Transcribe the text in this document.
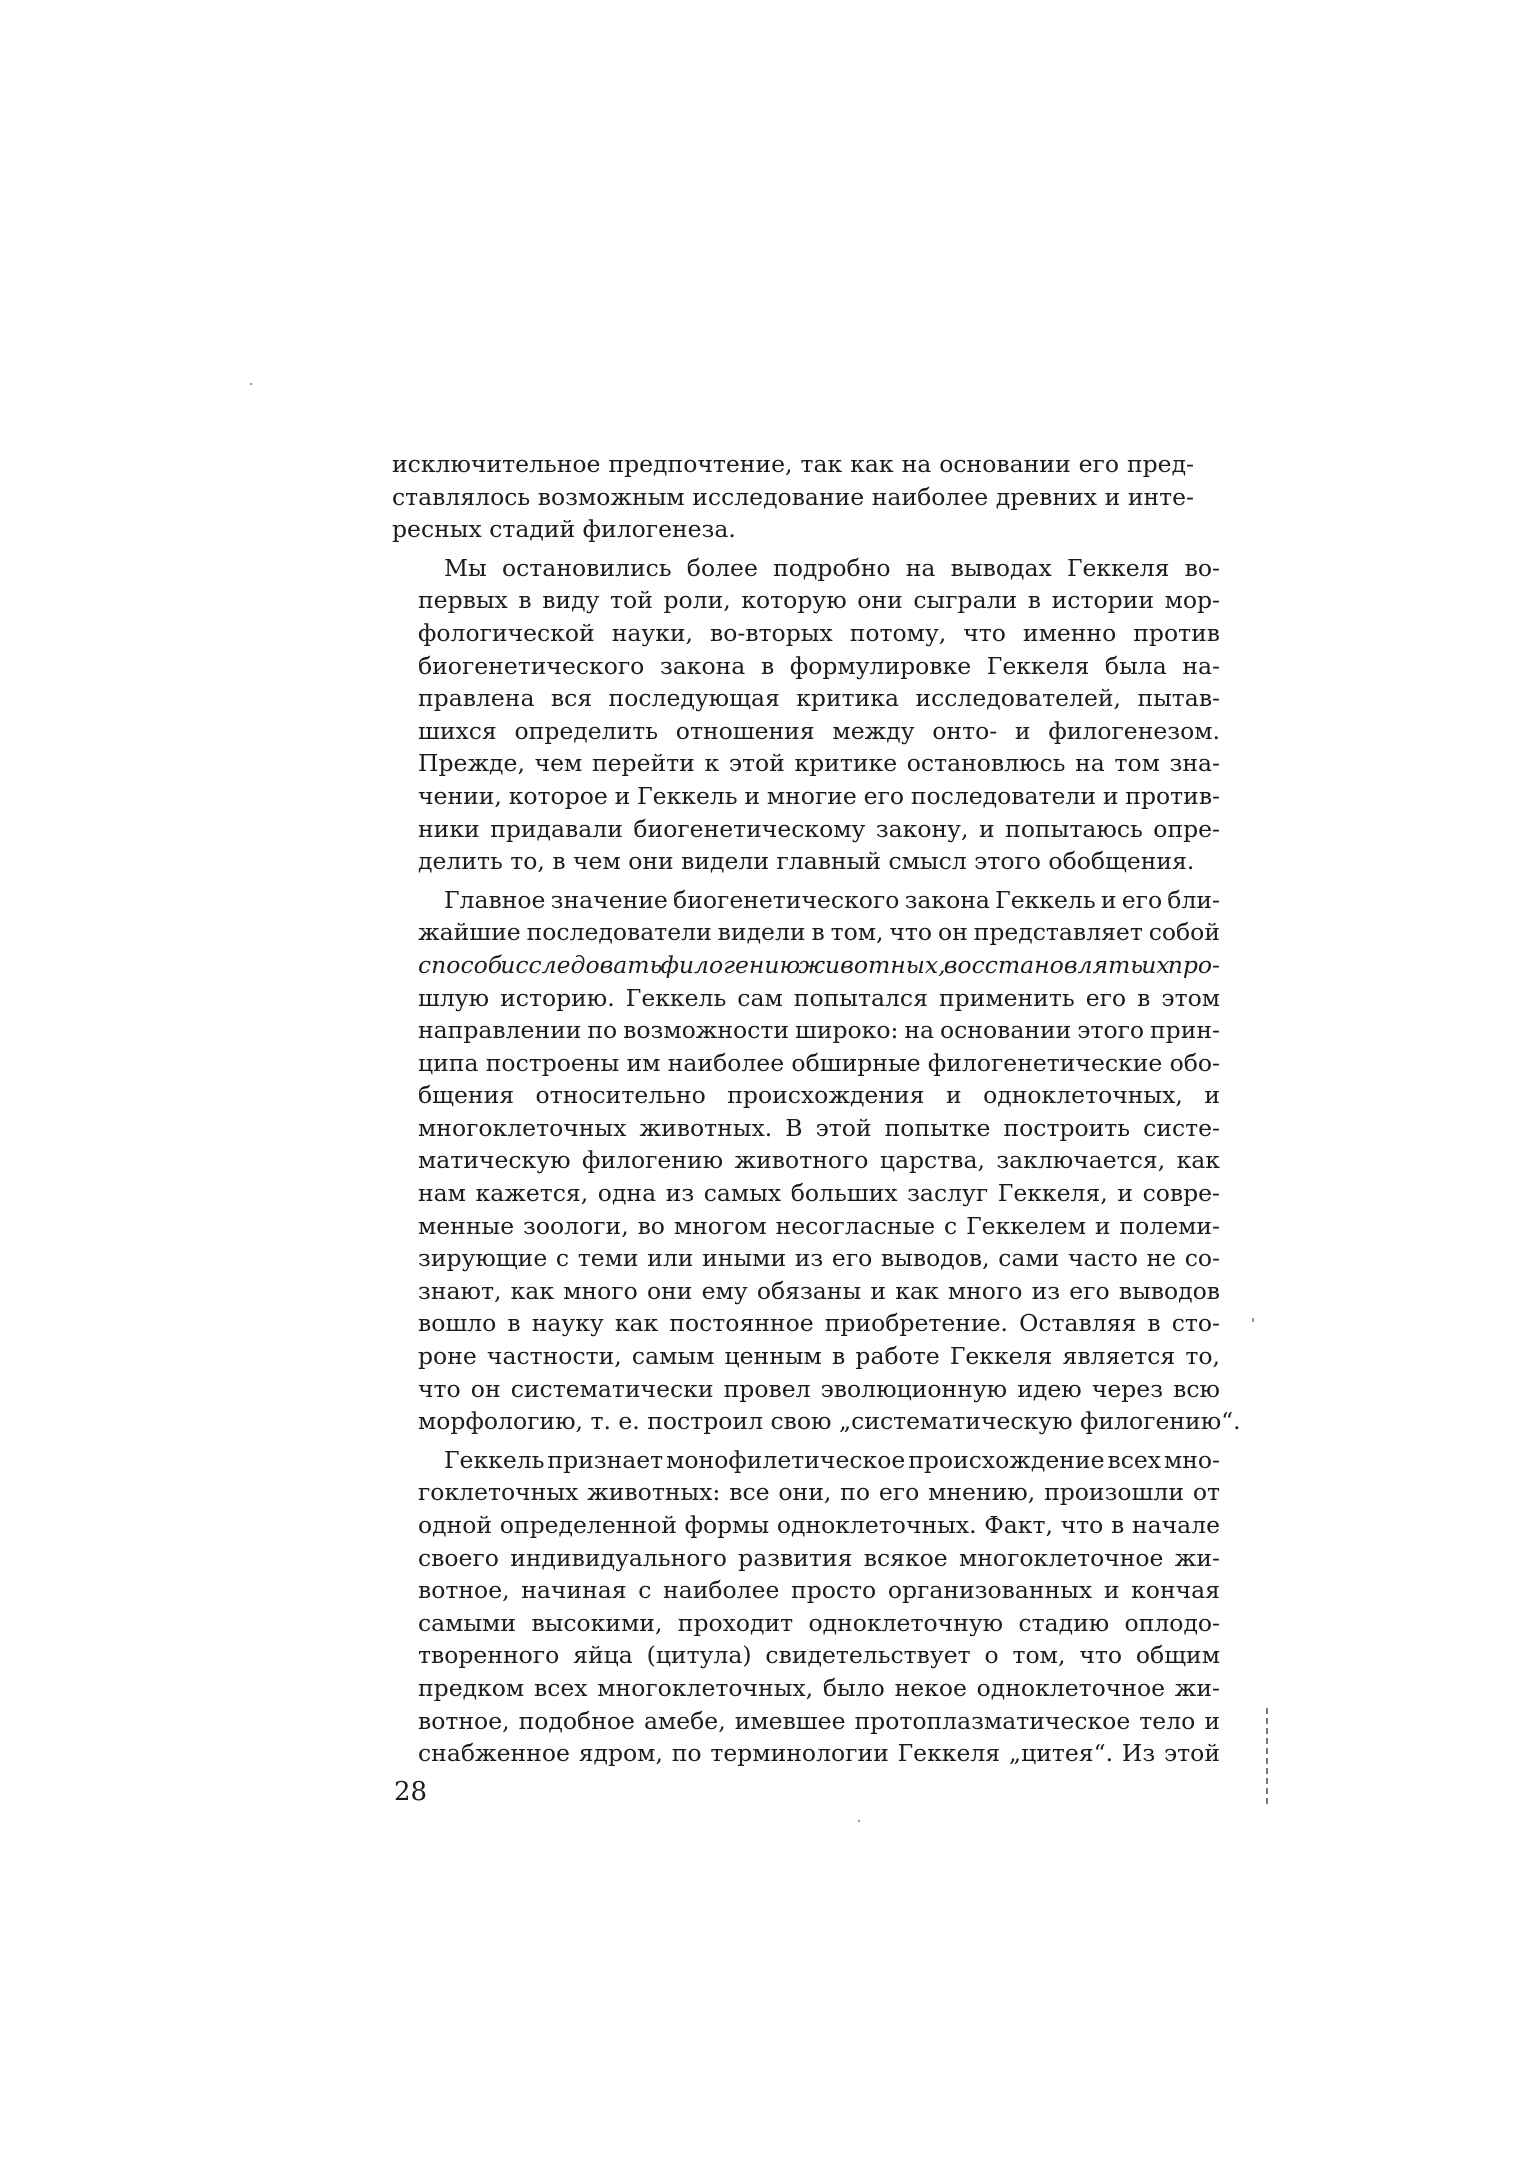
исключительное предпочтение, так как на основании его пред-
ставлялось возможным исследование наиболее древних и инте-
ресных стадий филогенеза.

Мы остановились более подробно на выводах Геккеля во-
первых в виду той роли, которую они сыграли в истории мор-
фологической науки, во-вторых потому, что именно против
биогенетического закона в формулировке Геккеля была на-
правлена вся последующая критика исследователей, пытав-
шихся определить отношения между онто- и филогенезом.
Прежде, чем перейти к этой критике остановлюсь на том зна-
чении, которое и Геккель и многие его последователи и против-
ники придавали биогенетическому закону, и попытаюсь опре-
делить то, в чем они видели главный смысл этого обобщения.

Главное значение биогенетического закона Геккель и его бли-
жайшие последователи видели в том, что он представляет собой
способ исследовать филогению животных, восстановлять их про-
шлую историю. Геккель сам попытался применить его в этом
направлении по возможности широко: на основании этого прин-
ципа построены им наиболее обширные филогенетические обо-
бщения относительно происхождения и одноклеточных, и
многоклеточных животных. В этой попытке построить систе-
матическую филогению животного царства, заключается, как
нам кажется, одна из самых больших заслуг Геккеля, и совре-
менные зоологи, во многом несогласные с Геккелем и полеми-
зирующие с теми или иными из его выводов, сами часто не со-
знают, как много они ему обязаны и как много из его выводов
вошло в науку как постоянное приобретение. Оставляя в сто-
роне частности, самым ценным в работе Геккеля является то,
что он систематически провел эволюционную идею через всю
морфологию, т. е. построил свою „систематическую филогению“.

Геккель признает монофилетическое происхождение всех мно-
гоклеточных животных: все они, по его мнению, произошли от
одной определенной формы одноклеточных. Факт, что в начале
своего индивидуального развития всякое многоклеточное жи-
вотное, начиная с наиболее просто организованных и кончая
самыми высокими, проходит одноклеточную стадию оплодо-
творенного яйца (цитула) свидетельствует о том, что общим
предком всех многоклеточных, было некое одноклеточное жи-
вотное, подобное амебе, имевшее протоплазматическое тело и
снабженное ядром, по терминологии Геккеля „цитея“. Из этой

28
